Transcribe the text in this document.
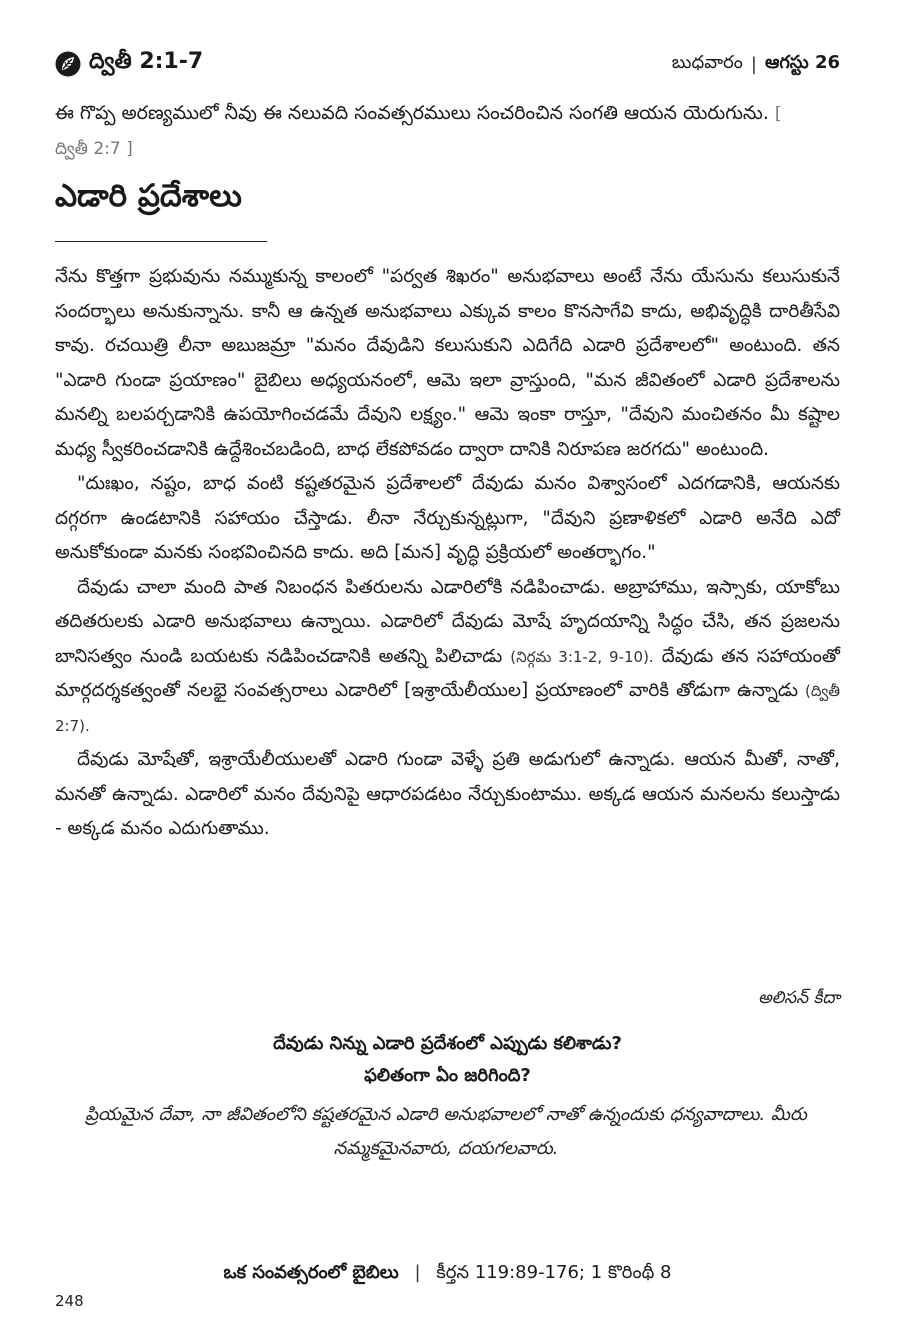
ద్వితీ 2:1-7	బుధవారం | ఆగస్టు 26
ఈ గొప్ప అరణ్యములో నీవు ఈ నలువది సంవత్సరములు సంచరించిన సంగతి ఆయన యెరుగును. [ ద్వితీ 2:7 ]
ఎడారి ప్రదేశాలు

నేను కొత్తగా ప్రభువును నమ్ముకున్న కాలంలో "పర్వత శిఖరం" అనుభవాలు అంటే నేను యేసును కలుసుకునే సందర్భాలు అనుకున్నాను. కానీ ఆ ఉన్నత అనుభవాలు ఎక్కువ కాలం కొనసాగేవి కాదు, అభివృద్ధికి దారితీసేవి కావు. రచయిత్రి లీనా అబుజమ్రా "మనం దేవుడిని కలుసుకుని ఎదిగేది ఎడారి ప్రదేశాలలో" అంటుంది. తన "ఎడారి గుండా ప్రయాణం" బైబిలు అధ్యయనంలో, ఆమె ఇలా వ్రాస్తుంది, "మన జీవితంలో ఎడారి ప్రదేశాలను మనల్ని బలపర్చడానికి ఉపయోగించడమే దేవుని లక్ష్యం." ఆమె ఇంకా రాస్తూ, "దేవుని మంచితనం మీ కష్టాల మధ్య స్వీకరించడానికి ఉద్దేశించబడింది, బాధ లేకపోవడం ద్వారా దానికి నిరూపణ జరగదు" అంటుంది.

"దుఃఖం, నష్టం, బాధ వంటి కష్టతరమైన ప్రదేశాలలో దేవుడు మనం విశ్వాసంలో ఎదగడానికి, ఆయనకు దగ్గరగా ఉండటానికి సహాయం చేస్తాడు. లీనా నేర్చుకున్నట్లుగా, "దేవుని ప్రణాళికలో ఎడారి అనేది ఎదో అనుకోకుండా మనకు సంభవించినది కాదు. అది [మన] వృద్ధి ప్రక్రియలో అంతర్భాగం."

దేవుడు చాలా మంది పాత నిబంధన పితరులను ఎడారిలోకి నడిపించాడు. అబ్రాహాము, ఇస్సాకు, యాకోబు తదితరులకు ఎడారి అనుభవాలు ఉన్నాయి. ఎడారిలో దేవుడు మోషే హృదయాన్ని సిద్ధం చేసి, తన ప్రజలను బానిసత్వం నుండి బయటకు నడిపించడానికి అతన్ని పిలిచాడు (నిర్గమ 3:1-2, 9-10). దేవుడు తన సహాయంతో మార్గదర్శకత్వంతో నలభై సంవత్సరాలు ఎడారిలో [ఇశ్రాయేలీయుల] ప్రయాణంలో వారికి తోడుగా ఉన్నాడు (ద్వితీ 2:7).

దేవుడు మోషేతో, ఇశ్రాయేలీయులతో ఎడారి గుండా వెళ్ళే ప్రతి అడుగులో ఉన్నాడు. ఆయన మీతో, నాతో, మనతో ఉన్నాడు. ఎడారిలో మనం దేవునిపై ఆధారపడటం నేర్చుకుంటాము. అక్కడ ఆయన మనలను కలుస్తాడు - అక్కడ మనం ఎదుగుతాము.

అలిసన్ కీదా
దేవుడు నిన్ను ఎడారి ప్రదేశంలో ఎప్పుడు కలిశాడు?
ఫలితంగా ఏం జరిగింది?
ప్రియమైన దేవా, నా జీవితంలోని కష్టతరమైన ఎడారి అనుభవాలలో నాతో ఉన్నందుకు ధన్యవాదాలు. మీరు నమ్మకమైనవారు, దయగలవారు.
ఒక సంవత్సరంలో బైబిలు | కీర్తన 119:89-176; 1 కొరింథీ 8
248
